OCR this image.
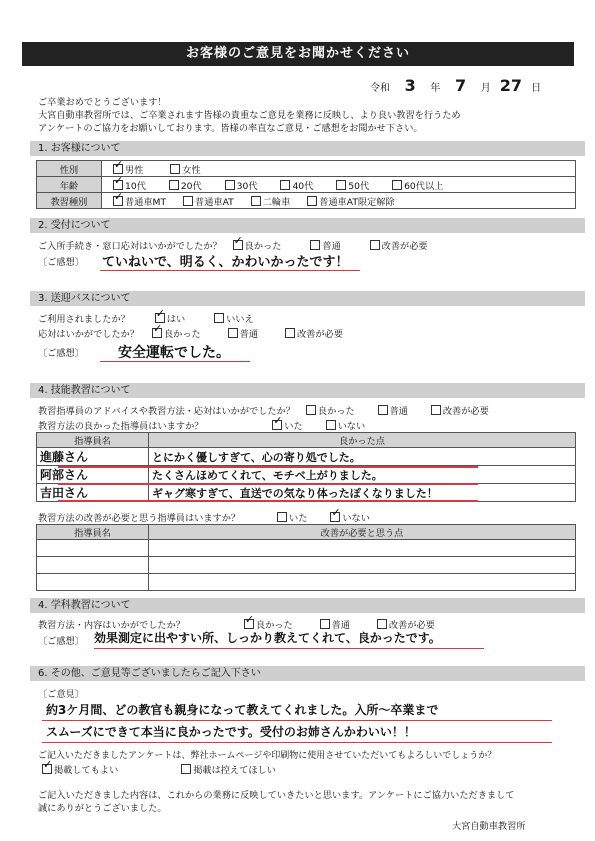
お客様のご意見をお聞かせください
令和 3 年 7 月 27 日
ご卒業おめでとうございます！
大宮自動車教習所では、ご卒業されます皆様の貴重なご意見を業務に反映し、より良い教習を行うため
アンケートのご協力をお願いしております。皆様の率直なご意見・ご感想をお聞かせ下さい。
1. お客様について
性別	✓男性 女性
年齢	✓10代 20代 30代 40代 50代 60代以上
教習種別	✓普通車MT 普通車AT 二輪車 普通車AT限定解除
2. 受付について
ご入所手続き・窓口応対はいかがでしたか？ ✓ 良かった	普通	改善が必要
〔ご感想〕 ていねいで、明るく、かわいかったです！
3. 送迎バスについて
ご利用されましたか？ ✓	はい	いいえ
応対はいかがでしたか？ ✓	良かった	普通	改善が必要
〔ご感想〕 安全運転でした。
4. 技能教習について
教習指導員のアドバイスや教習方法・応対はいかがでしたか？ 良かった	普通	改善が必要
教習方法の良かった指導員はいますか？ ✓	いた	いない
指導員名	良かった点
進藤さん	とにかく優しすぎて、心の寄り処でした。
阿部さん	たくさんほめてくれて、モチベ上がりました。
吉田さん	ギャグ寒すぎて、直送での気なり体ったぽくなりました！
教習方法の改善が必要と思う指導員はいますか？	いた ✓	いない
指導員名	改善が必要と思う点

4. 学科教習について
教習方法・内容はいかがでしたか？ ✓	良かった	普通	改善が必要
〔ご感想〕 効果測定に出やすい所、しっかり教えてくれて、良かったです。
6. その他、ご意見等ございましたらご記入下さい
〔ご意見〕
約3ケ月間、どの教官も親身になって教えてくれました。入所～卒業まで
スムーズにできて本当に良かったです。受付のお姉さんかわいい！！
ご記入いただきましたアンケートは、弊社ホームページや印刷物に使用させていただいてもよろしいでしょうか？
✓掲載してもよい	掲載は控えてほしい
ご記入いただきました内容は、これからの業務に反映していきたいと思います。アンケートにご協力いただきまして
誠にありがとうございました。
大宮自動車教習所
